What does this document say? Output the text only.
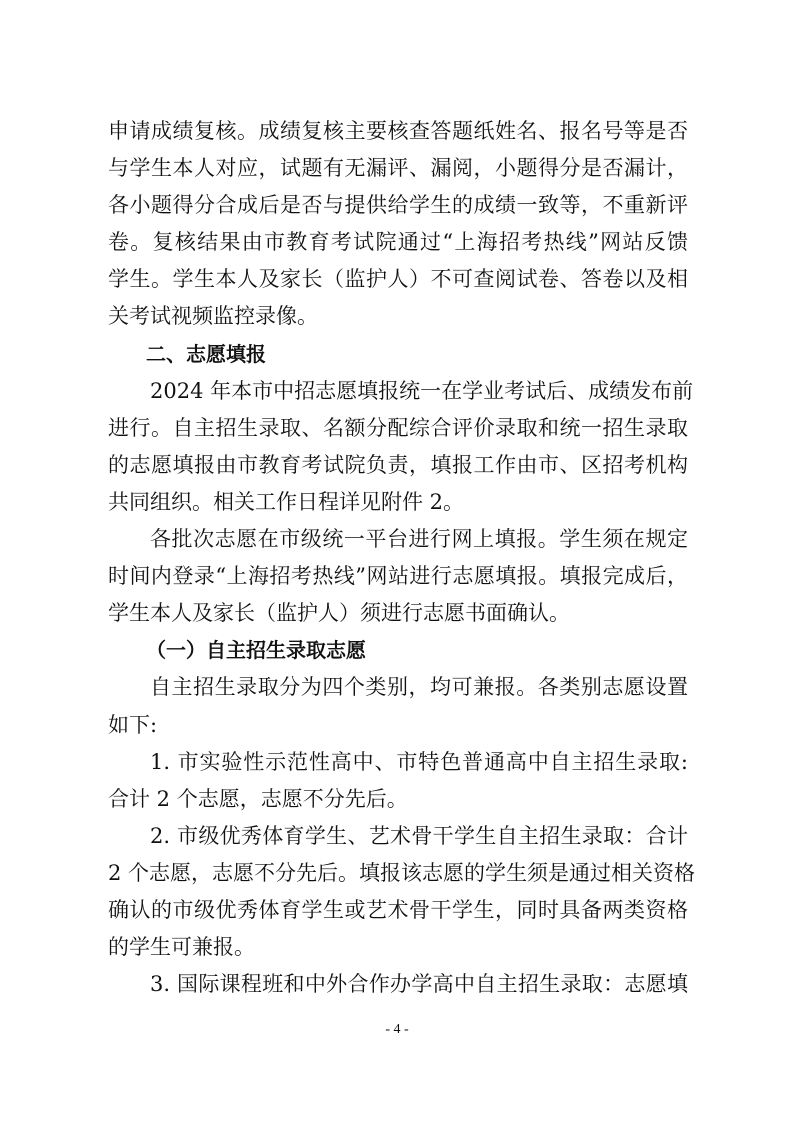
申请成绩复核。成绩复核主要核查答题纸姓名、报名号等是否
与学生本人对应，试题有无漏评、漏阅，小题得分是否漏计，
各小题得分合成后是否与提供给学生的成绩一致等，不重新评
卷。复核结果由市教育考试院通过“上海招考热线”网站反馈
学生。学生本人及家长（监护人）不可查阅试卷、答卷以及相
关考试视频监控录像。
二、志愿填报
2024 年本市中招志愿填报统一在学业考试后、成绩发布前
进行。自主招生录取、名额分配综合评价录取和统一招生录取
的志愿填报由市教育考试院负责，填报工作由市、区招考机构
共同组织。相关工作日程详见附件 2。
各批次志愿在市级统一平台进行网上填报。学生须在规定
时间内登录“上海招考热线”网站进行志愿填报。填报完成后，
学生本人及家长（监护人）须进行志愿书面确认。
（一）自主招生录取志愿
自主招生录取分为四个类别，均可兼报。各类别志愿设置
如下:
1. 市实验性示范性高中、市特色普通高中自主招生录取:
合计 2 个志愿，志愿不分先后。
2. 市级优秀体育学生、艺术骨干学生自主招生录取：合计
2 个志愿，志愿不分先后。填报该志愿的学生须是通过相关资格
确认的市级优秀体育学生或艺术骨干学生，同时具备两类资格
的学生可兼报。
3. 国际课程班和中外合作办学高中自主招生录取：志愿填
- 4 -
